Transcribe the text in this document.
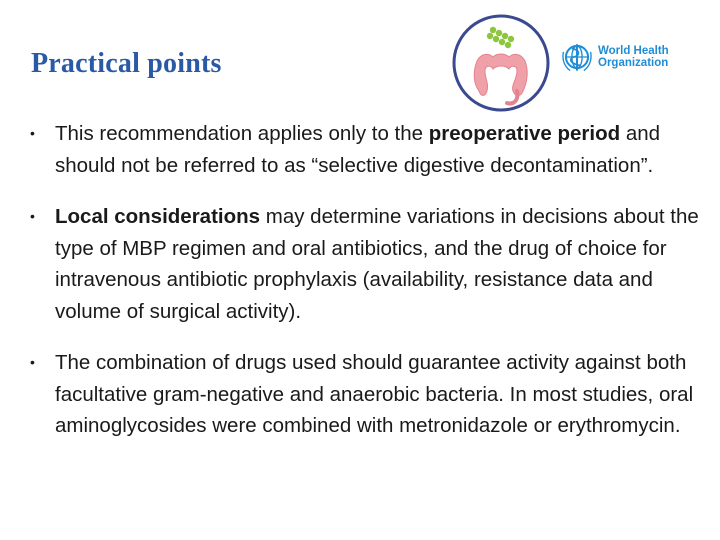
Practical points	World Health
Organization
• This recommendation applies only to the preoperative period and should not be referred to as “selective digestive decontamination”.
• Local considerations may determine variations in decisions about the type of MBP regimen and oral antibiotics, and the drug of choice for intravenous antibiotic prophylaxis (availability, resistance data and volume of surgical activity).
• The combination of drugs used should guarantee activity against both facultative gram-negative and anaerobic bacteria. In most studies, oral aminoglycosides were combined with metronidazole or erythromycin.
